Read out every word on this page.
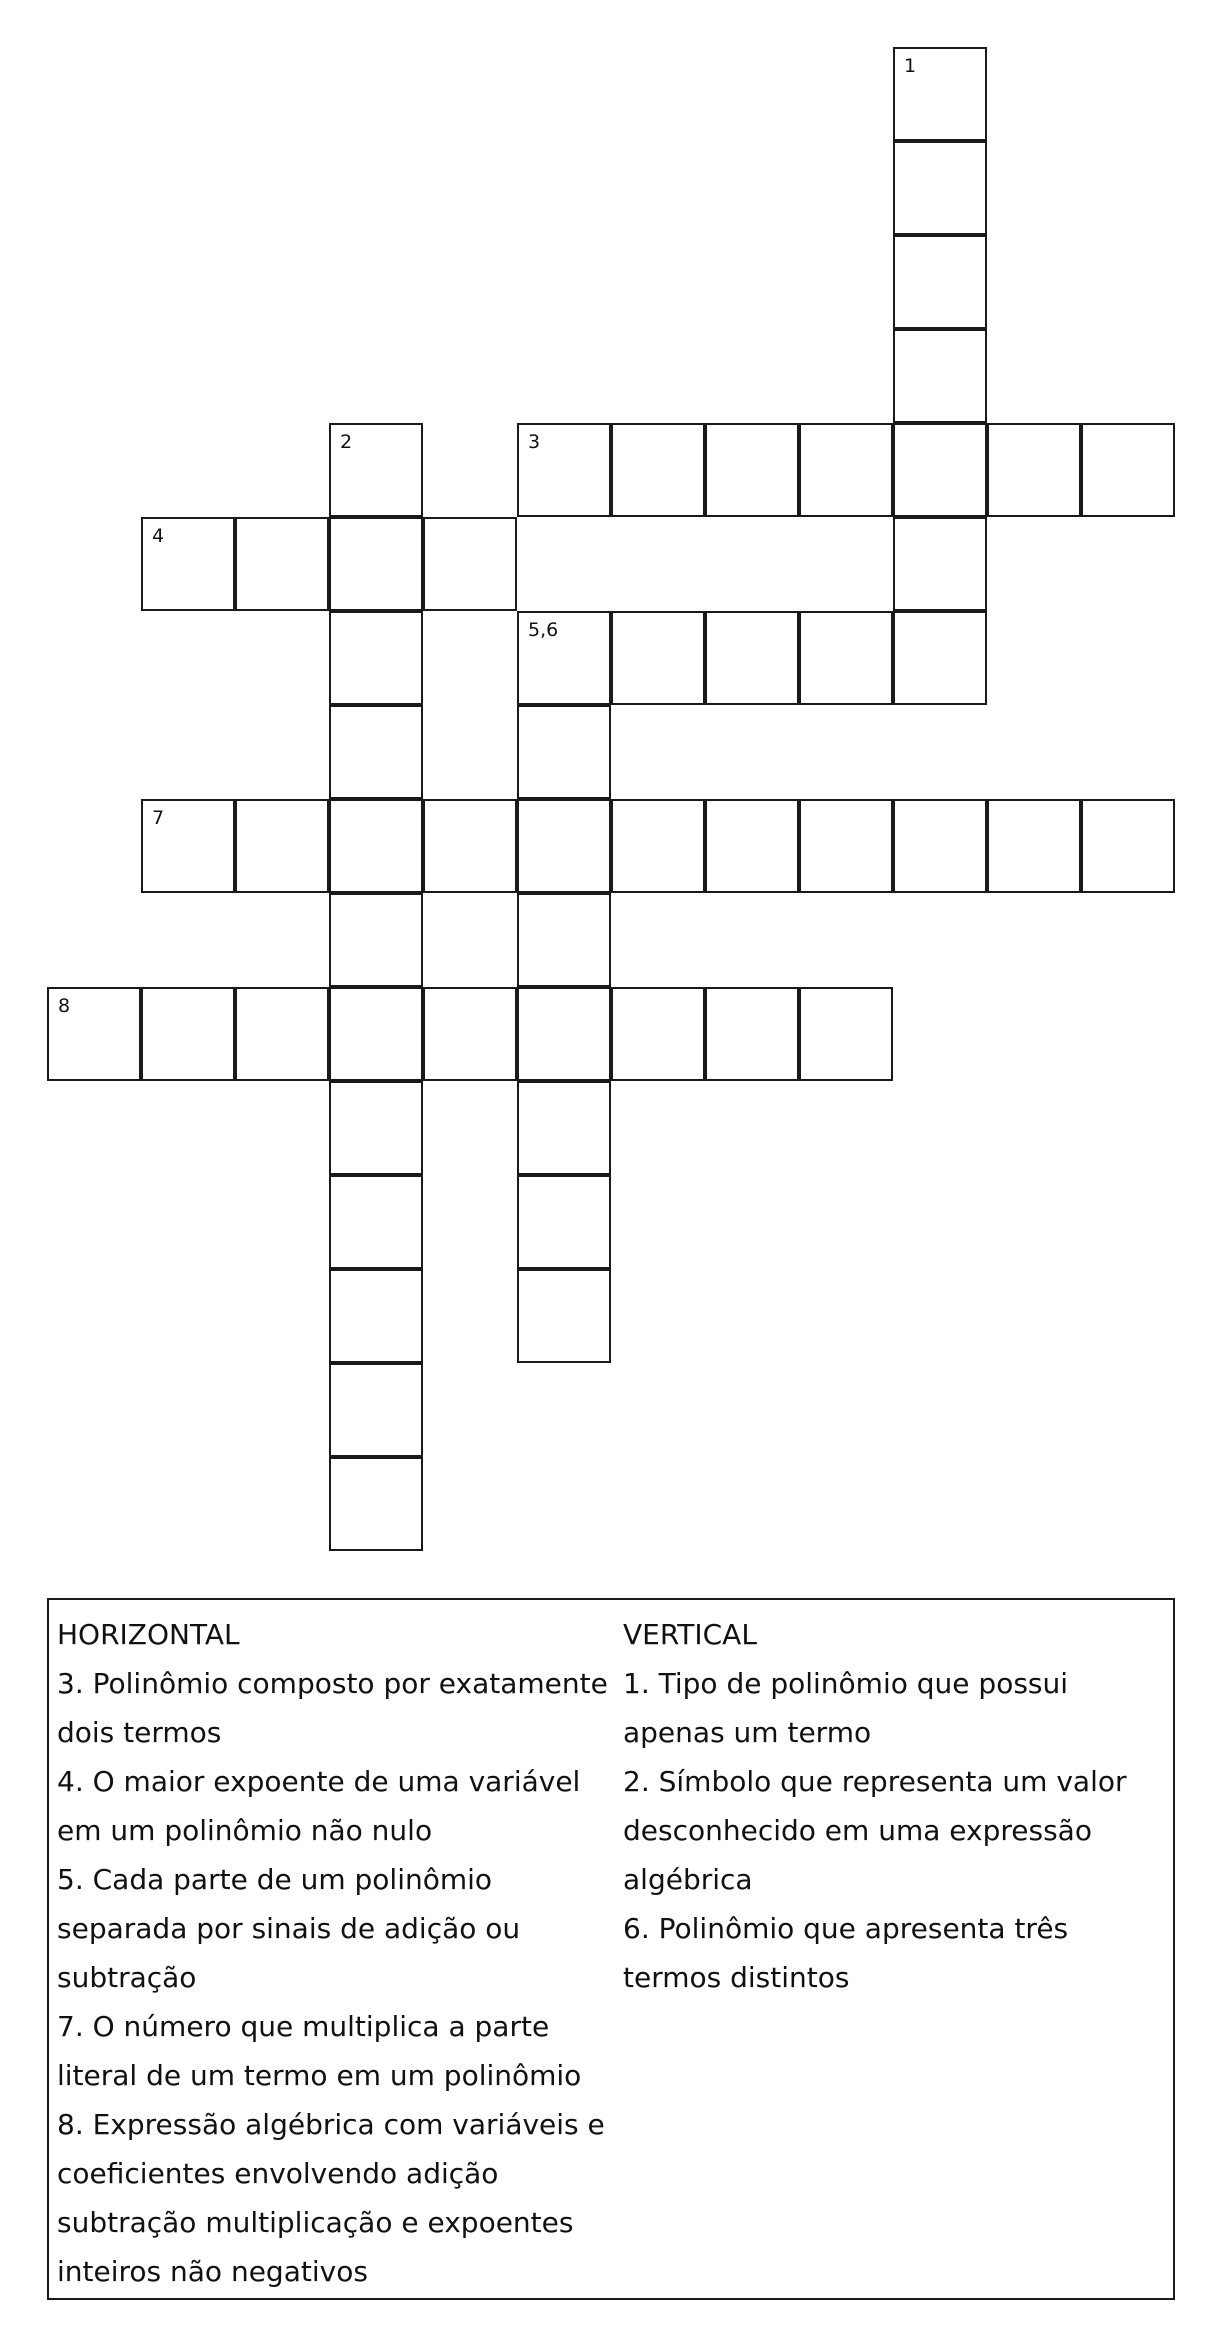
1
2
5,6
3
4
7
8

HORIZONTAL

3. Polinômio composto por exatamente dois termos

4. O maior expoente de uma variável em um polinômio não nulo

5. Cada parte de um polinômio separada por sinais de adição ou subtração

7. O número que multiplica a parte literal de um termo em um polinômio

8. Expressão algébrica com variáveis e coeficientes envolvendo adição subtração multiplicação e expoentes inteiros não negativos

VERTICAL

1. Tipo de polinômio que possui apenas um termo

2. Símbolo que representa um valor desconhecido em uma expressão algébrica

6. Polinômio que apresenta três termos distintos
